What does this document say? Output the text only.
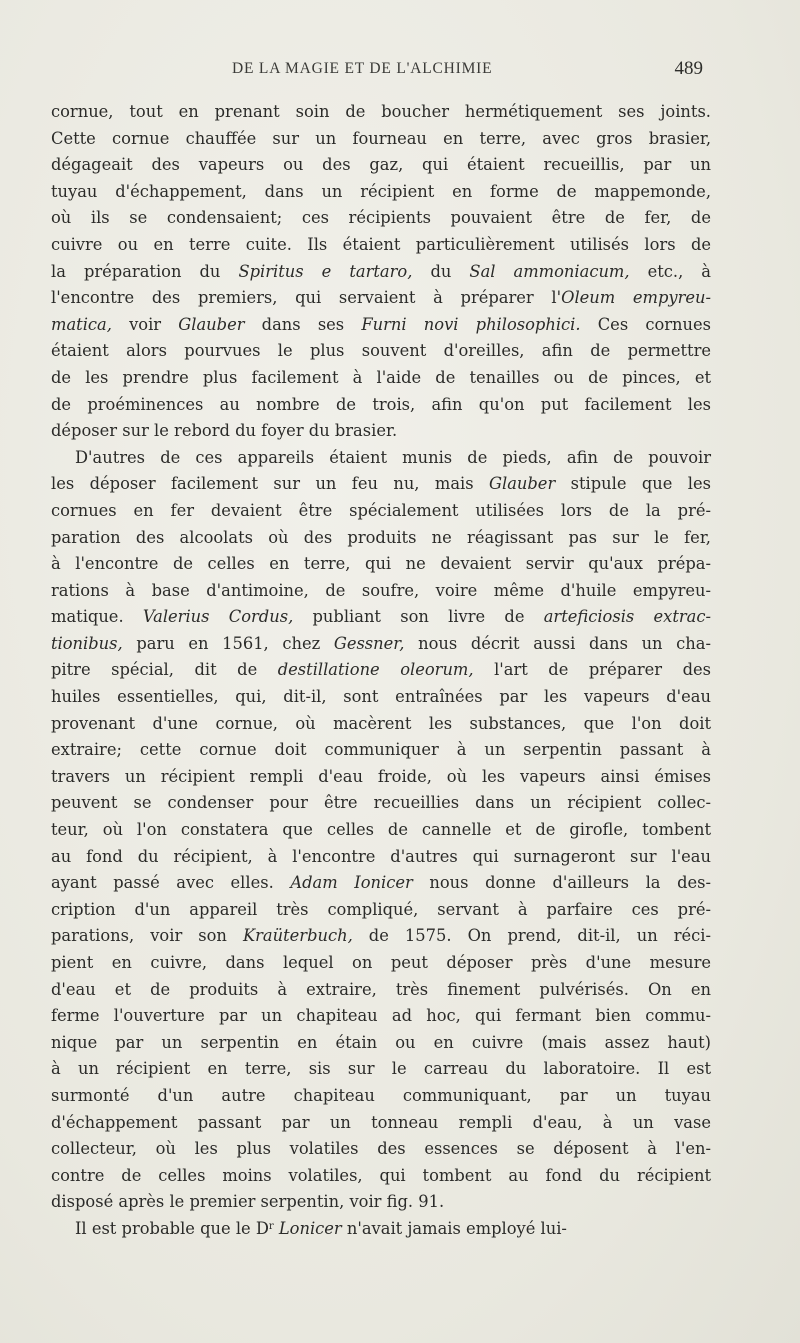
DE LA MAGIE ET DE L'ALCHIMIE	489
cornue, tout en prenant soin de boucher hermétiquement ses joints.
Cette cornue chauffée sur un fourneau en terre, avec gros brasier,
dégageait des vapeurs ou des gaz, qui étaient recueillis, par un
tuyau d'échappement, dans un récipient en forme de mappemonde,
où ils se condensaient; ces récipients pouvaient être de fer, de
cuivre ou en terre cuite. Ils étaient particulièrement utilisés lors de
la préparation du Spiritus e tartaro, du Sal ammoniacum, etc., à
l'encontre des premiers, qui servaient à préparer l'Oleum empyreu-
matica, voir Glauber dans ses Furni novi philosophici. Ces cornues
étaient alors pourvues le plus souvent d'oreilles, afin de permettre
de les prendre plus facilement à l'aide de tenailles ou de pinces, et
de proéminences au nombre de trois, afin qu'on put facilement les
déposer sur le rebord du foyer du brasier.
D'autres de ces appareils étaient munis de pieds, afin de pouvoir
les déposer facilement sur un feu nu, mais Glauber stipule que les
cornues en fer devaient être spécialement utilisées lors de la pré-
paration des alcoolats où des produits ne réagissant pas sur le fer,
à l'encontre de celles en terre, qui ne devaient servir qu'aux prépa-
rations à base d'antimoine, de soufre, voire même d'huile empyreu-
matique. Valerius Cordus, publiant son livre de arteficiosis extrac-
tionibus, paru en 1561, chez Gessner, nous décrit aussi dans un cha-
pitre spécial, dit de destillatione oleorum, l'art de préparer des
huiles essentielles, qui, dit-il, sont entraînées par les vapeurs d'eau
provenant d'une cornue, où macèrent les substances, que l'on doit
extraire; cette cornue doit communiquer à un serpentin passant à
travers un récipient rempli d'eau froide, où les vapeurs ainsi émises
peuvent se condenser pour être recueillies dans un récipient collec-
teur, où l'on constatera que celles de cannelle et de girofle, tombent
au fond du récipient, à l'encontre d'autres qui surnageront sur l'eau
ayant passé avec elles. Adam Ionicer nous donne d'ailleurs la des-
cription d'un appareil très compliqué, servant à parfaire ces pré-
parations, voir son Kraüterbuch, de 1575. On prend, dit-il, un réci-
pient en cuivre, dans lequel on peut déposer près d'une mesure
d'eau et de produits à extraire, très finement pulvérisés. On en
ferme l'ouverture par un chapiteau ad hoc, qui fermant bien commu-
nique par un serpentin en étain ou en cuivre (mais assez haut)
à un récipient en terre, sis sur le carreau du laboratoire. Il est
surmonté d'un autre chapiteau communiquant, par un tuyau
d'échappement passant par un tonneau rempli d'eau, à un vase
collecteur, où les plus volatiles des essences se déposent à l'en-
contre de celles moins volatiles, qui tombent au fond du récipient
disposé après le premier serpentin, voir fig. 91.
Il est probable que le $D^r$ Lonicer n'avait jamais employé lui-
